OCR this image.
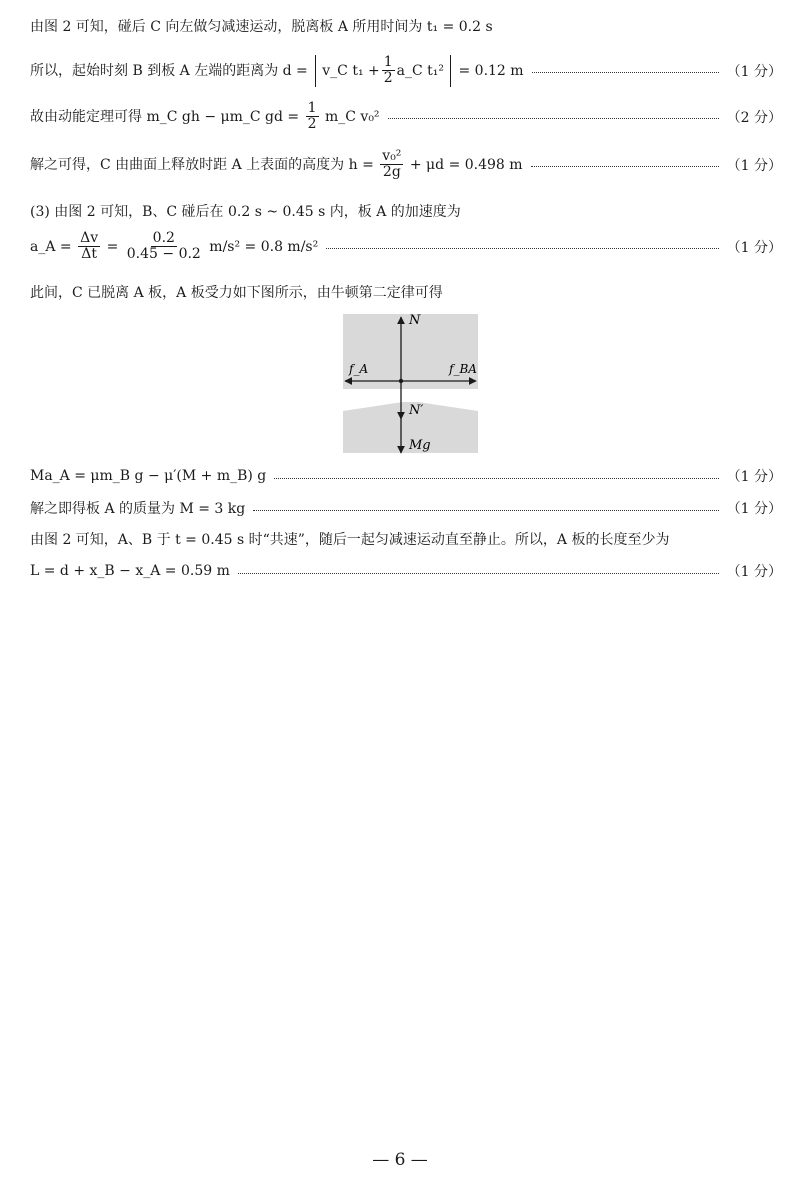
由图 2 可知，碰后 C 向左做匀减速运动，脱离板 A 所用时间为 t₁ = 0.2 s
所以，起始时刻 B 到板 A 左端的距离为 d = v_C $t_1 + \frac{1}{2}$ a_C t₁² = 0.12 m	（1 分）
故由动能定理可得 m_C gh − μm_C gd = $\frac{1}{2}$ m_C v₀²	（2 分）
解之可得，C 由曲面上释放时距 A 上表面的高度为 $h = \frac{\text{v₀²}}{2g} + \mu d = 0.498$ m	（1 分）
(3) 由图 2 可知，B、C 碰后在 0.2 s ~ 0.45 s 内，板 A 的加速度为
a_A = $\frac{\Delta v}{\Delta t} = \frac{0.2}{0.45 - 0.2} m/s^2 = 0.8$ m/s²	（1 分）
此间，C 已脱离 A 板，A 板受力如下图所示，由牛顿第二定律可得
N
f_A	f_BA
N′
Mg
Ma_A = μm_B g − μ′(M + m_B) g	（1 分）
解之即得板 A 的质量为 M = 3 kg	（1 分）
由图 2 可知，A、B 于 t = 0.45 s 时“共速”，随后一起匀减速运动直至静止。所以，A 板的长度至少为
L = d + x_B − x_A = 0.59 m	（1 分）
— 6 —
